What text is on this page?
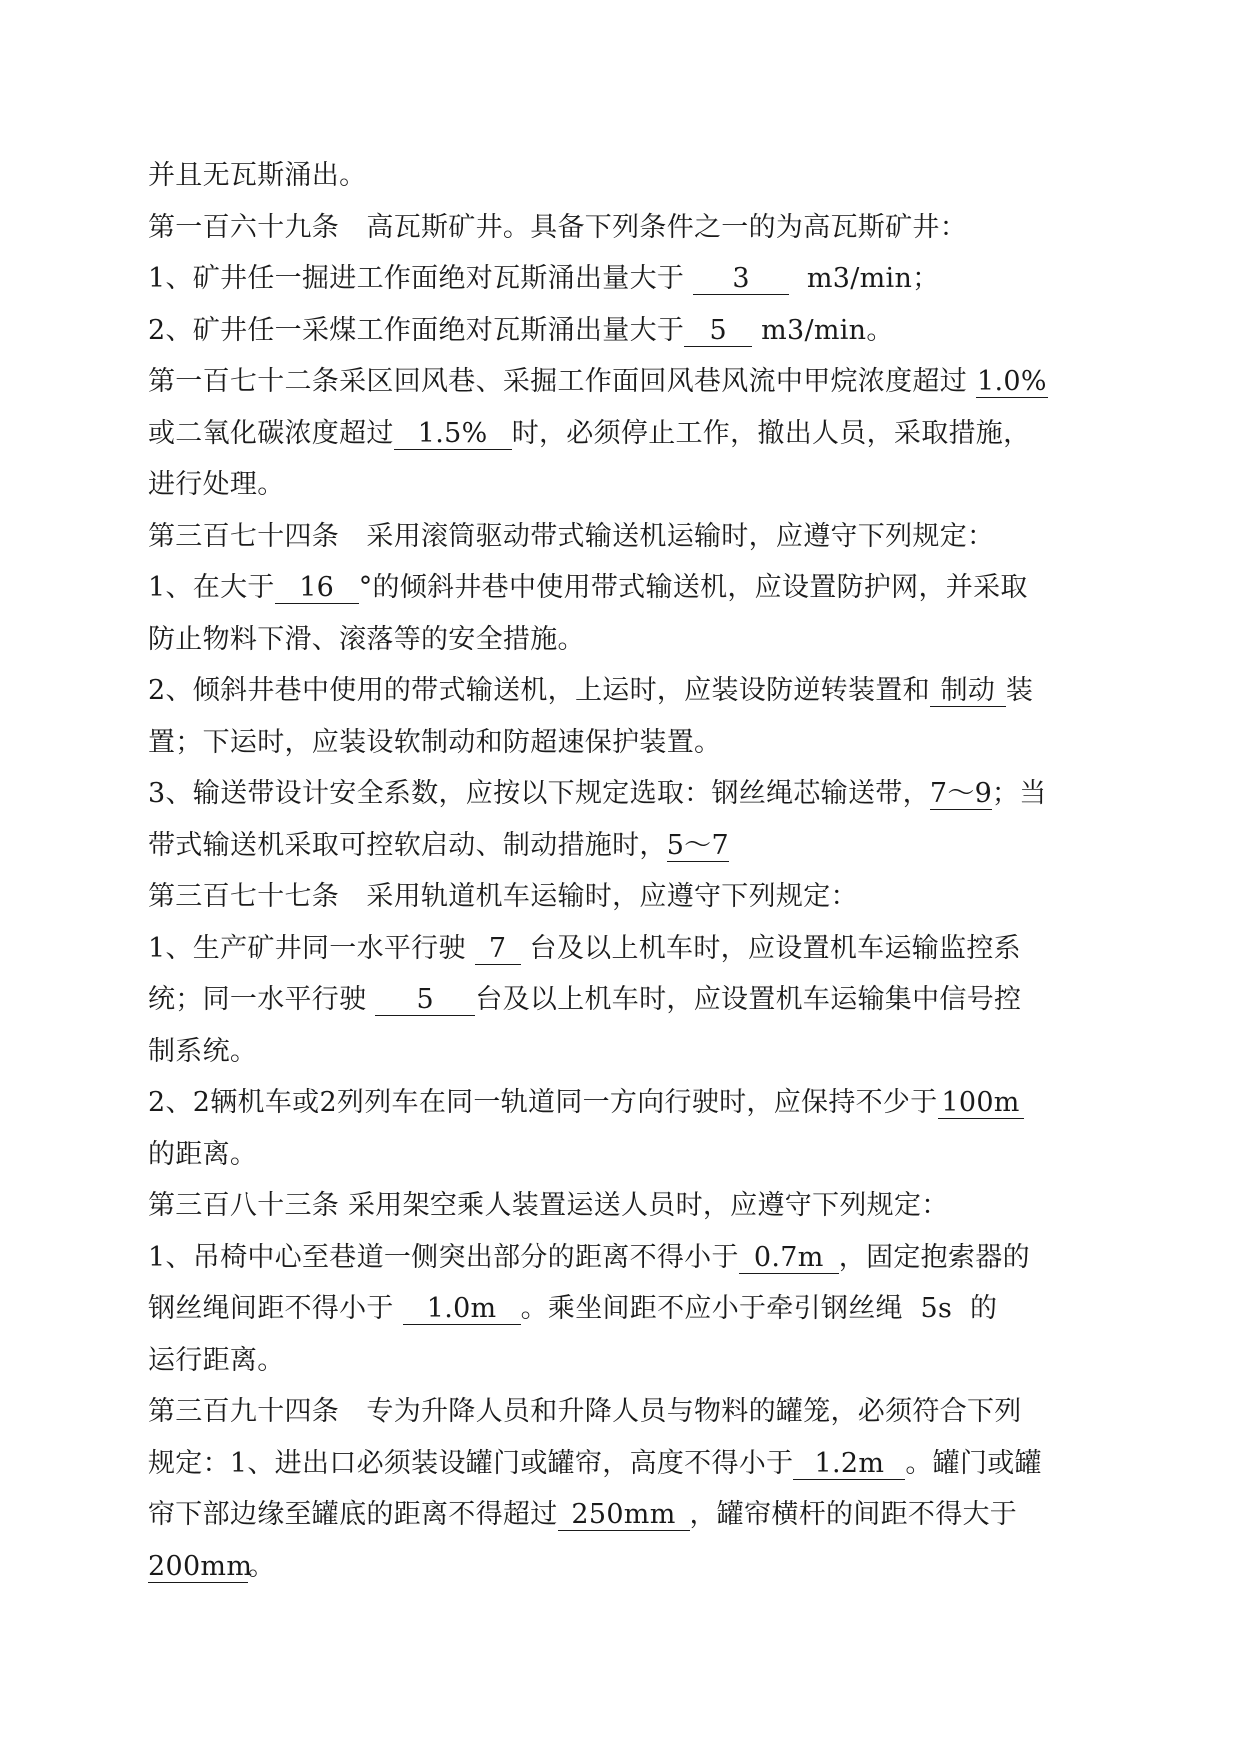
并且无瓦斯涌出。
第一百六十九条　高瓦斯矿井。具备下列条件之一的为高瓦斯矿井：
1、矿井任一掘进工作面绝对瓦斯涌出量大于 3  m3/min；
2、矿井任一采煤工作面绝对瓦斯涌出量大于 5 m3/min。
第一百七十二条采区回风巷、采掘工作面回风巷风流中甲烷浓度超过 1.0%
或二氧化碳浓度超过 1.5% 时，必须停止工作，撤出人员，采取措施，
进行处理。
第三百七十四条　采用滚筒驱动带式输送机运输时，应遵守下列规定：
1、在大于 16 °的倾斜井巷中使用带式输送机，应设置防护网，并采取
防止物料下滑、滚落等的安全措施。
2、倾斜井巷中使用的带式输送机，上运时，应装设防逆转装置和 制动 装
置；下运时，应装设软制动和防超速保护装置。
3、输送带设计安全系数，应按以下规定选取：钢丝绳芯输送带，7～9；当
带式输送机采取可控软启动、制动措施时，5～7
第三百七十七条　采用轨道机车运输时，应遵守下列规定：
1、生产矿井同一水平行驶 7 台及以上机车时，应设置机车运输监控系
统；同一水平行驶 5 台及以上机车时，应设置机车运输集中信号控
制系统。
2、2辆机车或2列列车在同一轨道同一方向行驶时，应保持不少于 100m
的距离。
第三百八十三条 采用架空乘人装置运送人员时，应遵守下列规定：
1、吊椅中心至巷道一侧突出部分的距离不得小于 0.7m ，固定抱索器的
钢丝绳间距不得小于 1.0m 。乘坐间距不应小于牵引钢丝绳  5s  的
运行距离。
第三百九十四条　专为升降人员和升降人员与物料的罐笼，必须符合下列
规定：1、进出口必须装设罐门或罐帘，高度不得小于 1.2m 。罐门或罐
帘下部边缘至罐底的距离不得超过 250mm ，罐帘横杆的间距不得大于
200mm。
